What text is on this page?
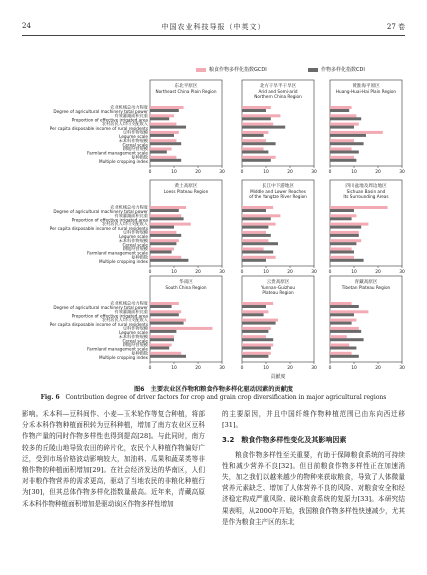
24	中国农业科技导报（中英文）	27 卷
粮食作物多样化指数GCDI	作物多样化指数CDI
东北平原区
Northeast China Plain Region
0	10	20	30
农业机械总动力程度
Degree of agricultural machinery total power
有效灌溉面积比重
Proportion of effective irrigated area
农村居民人均可支配收入
Per capita disposable income of rural residents
豆科作物规模
Legume scale
禾本科作物规模
Cereal scale
耕地经营规模
Farmland management scale
复种指数
Multiple cropping index
北方干旱半干旱区
Arid and Semi-arid
Northern China Region
0	10	20	30
黄淮海平原区
Huang-Huai-Hai Plain Region
0	10	20	30
黄土高原区
Loess Plateau Region
0	10	20	30
农业机械总动力程度
Degree of agricultural machinery total power
有效灌溉面积比重
Proportion of effective irrigated area
农村居民人均可支配收入
Per capita disposable income of rural residents
豆科作物规模
Legume scale
禾本科作物规模
Cereal scale
耕地经营规模
Farmland management scale
复种指数
Multiple cropping index
长江中下游地区
Middle and Lower Reaches
of the Yangtze River Region
0	10	20	30
四川盆地及周边地区
Sichuan Basin and
Its Surrounding Areas
0	10	20	30
华南区
South China Region
0	10	20	30
农业机械总动力程度
Degree of agricultural machinery total power
有效灌溉面积比重
Proportion of effective irrigated area
农村居民人均可支配收入
Per capita disposable income of rural residents
豆科作物规模
Legume scale
禾本科作物规模
Cereal scale
耕地经营规模
Farmland management scale
复种指数
Multiple cropping index
云贵高原区
Yunnan-Guizhou
Plateau Region
0	10	20	30
青藏高原区
Tibetan Plateau Region
0	10	20	30
贡献度
图6　主要农业区作物和粮食作物多样化驱动因素的贡献度
Fig. 6 Contribution degree of driver factors for crop and grain crop diversification in major agricultural regions

影响。禾本科—豆科间作、小麦—玉米轮作等复合种植，将部分禾本科作物种植面积转为豆科种植，增加了南方农业区豆科作物产量的同时作物多样性也得到提高[28]。与此同时，南方较多的丘陵山地导致农田的碎片化，农民个人种植作物偏好广泛，受到市场价格波动影响较大，加油料、瓜果和蔬菜类等非粮作物的种植面积增加[29]。在社会经济发达的华南区，人们对非粮作物营养的需求更高，驱动了当地农民的非粮化种植行为[30]，但其总体作物多样化指数量最高。近年来，青藏高原禾本科作物种植面积增加是驱动该区作物多样性增加

的主要原因，并且中国纤维作物种植范围已由东向西迁移[31]。

3.2　粮食作物多样性变化及其影响因素

粮食作物多样性至关重要，有助于保障粮食系统的可持续性和减少营养不良[32]。但目前粮食作物多样性正在加速消失，加之我们以越来越少的物种来获取粮食，导致了人体微量营养元素缺乏、增加了人体营养不良的风险、对粮食安全和经济稳定构成严重风险、破坏粮食系统的复原力[33]。本研究结果表明，从2000年开始，我国粮食作物多样性快速减少，尤其是作为粮食主产区的东北
